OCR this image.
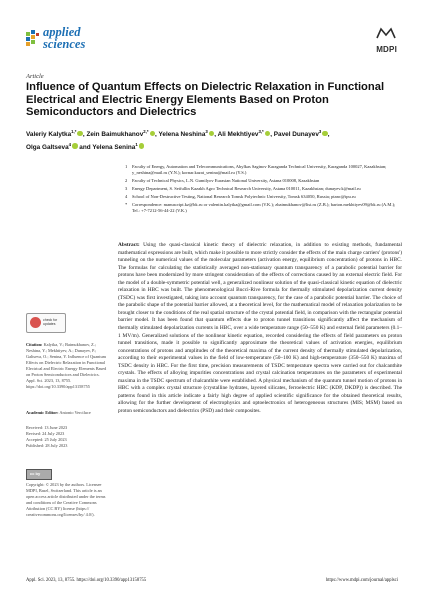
applied
sciences	MDPI
Article
Influence of Quantum Effects on Dielectric Relaxation in Functional Electrical and Electric Energy Elements Based on Proton Semiconductors and Dielectrics
Valeriy Kalytka$^{1,*}$ , Zein Baimukhanov$^{2,*}$ , Yelena Neshina$^3$ , Ali Mekhtiyev$^{3,*}$ , Pavel Dunayev$^3$ ,
Olga Galtseva$^4$ and Yelena Senina$^1$
1	Faculty of Energy, Automation and Telecommunications, Abylkas Saginov Karaganda Technical University, Karaganda 100027, Kazakhstan; y_neshina@mail.ru (Y.N.); kornar.kazat_senina@mail.ru (Y.S.)
2	Faculty of Technical Physics, L.N. Gumilyov Eurasian National University, Astana 010008, Kazakhstan
3	Energy Department, S. Seifullin Kazakh Agro Technical Research University, Astana 010011, Kazakhstan; dunayev.k@mail.ru
4	School of Non-Destructive Testing, National Research Tomsk Polytechnic University, Tomsk 634050, Russia; ptanc@tpu.ru
*	Correspondence: manuscript.kz@bk.ru or valentin.kalytka@gmail.com (V.K.); zbaimukhanov@list.ru (Z.B.); barton.mekhtiyev09@bk.ru (A.M.); Tel.: +7-7212-56-44-22 (V.K.)
Abstract: Using the quasi-classical kinetic theory of dielectric relaxation, in addition to existing methods, fundamental mathematical expressions are built, which make it possible to more strictly consider the effects of the main charge carriers' (protons') tunneling on the numerical values of the molecular parameters (activation energy, equilibrium concentration) of protons in HBC. The formulas for calculating the statistically averaged non-stationary quantum transparency of a parabolic potential barrier for protons have been modernized by more stringent consideration of the effects of corrections caused by an external electric field. For the model of a double-symmetric potential well, a generalized nonlinear solution of the quasi-classical kinetic equation of dielectric relaxation in HBC was built. The phenomenological Bucci-Rive formula for thermally stimulated depolarization current density (TSDC) was first investigated, taking into account quantum transparency, for the case of a parabolic potential barrier. The choice of the parabolic shape of the potential barrier allowed, at a theoretical level, for the mathematical model of relaxation polarization to be brought closer to the conditions of the real spatial structure of the crystal potential field, in comparison with the rectangular potential barrier model. It has been found that quantum effects due to proton tunnel transitions significantly affect the mechanism of thermally stimulated depolarization currents in HBC, over a wide temperature range (50–550 K) and external field parameters (0.1–1 MV/m). Generalized solutions of the nonlinear kinetic equation, recorded considering the effects of field parameters on proton tunnel transitions, made it possible to significantly approximate the theoretical values of activation energies, equilibrium concentrations of protons and amplitudes of the theoretical maxima of the current density of thermally stimulated depolarization, according to their experimental values in the field of low-temperature (50–100 K) and high-temperature (350–550 K) maxima of TSDC density in HBC. For the first time, precision measurements of TSDC temperature spectra were carried out for chalcanthite crystals. The effects of alloying impurities concentrations and crystal calcination temperatures on the parameters of experimental maxima in the TSDC spectrum of chalcanthite were established. A physical mechanism of the quantum tunnel motion of protons in HBC with a complex crystal structure (crystalline hydrates, layered silicates, ferroelectric HBC (KDP, DKDP)) is described. The patterns found in this article indicate a fairly high degree of applied scientific significance for the obtained theoretical results, allowing for the further development of electrophysics and optoelectronics of heterogeneous structures (MIS; MSM) based on proton semiconductors and dielectrics (PSD) and their composites.
check for
updates
Citation: Kalytka, V.; Baimukhanov, Z.; Neshina, Y.; Mekhtiyev, A.; Dunayev, P.; Galtseva, O.; Senina, Y. Influence of Quantum Effects on Dielectric Relaxation in Functional Electrical and Electric Energy Elements Based on Proton Semiconductors and Dielectrics. Appl. Sci. 2023, 13, 8755. https://doi.org/10.3390/app13158755
Academic Editor: Antonio Verciluce
Received: 13 June 2023
Revised: 24 July 2023
Accepted: 25 July 2023
Published: 28 July 2023
cc by
Copyright: © 2023 by the authors. Licensee MDPI, Basel, Switzerland. This article is an open access article distributed under the terms and conditions of the Creative Commons Attribution (CC BY) license (https:// creativecommons.org/licenses/by/ 4.0/).
Appl. Sci. 2023, 13, 8755. https://doi.org/10.3390/app13158755	https://www.mdpi.com/journal/applsci
